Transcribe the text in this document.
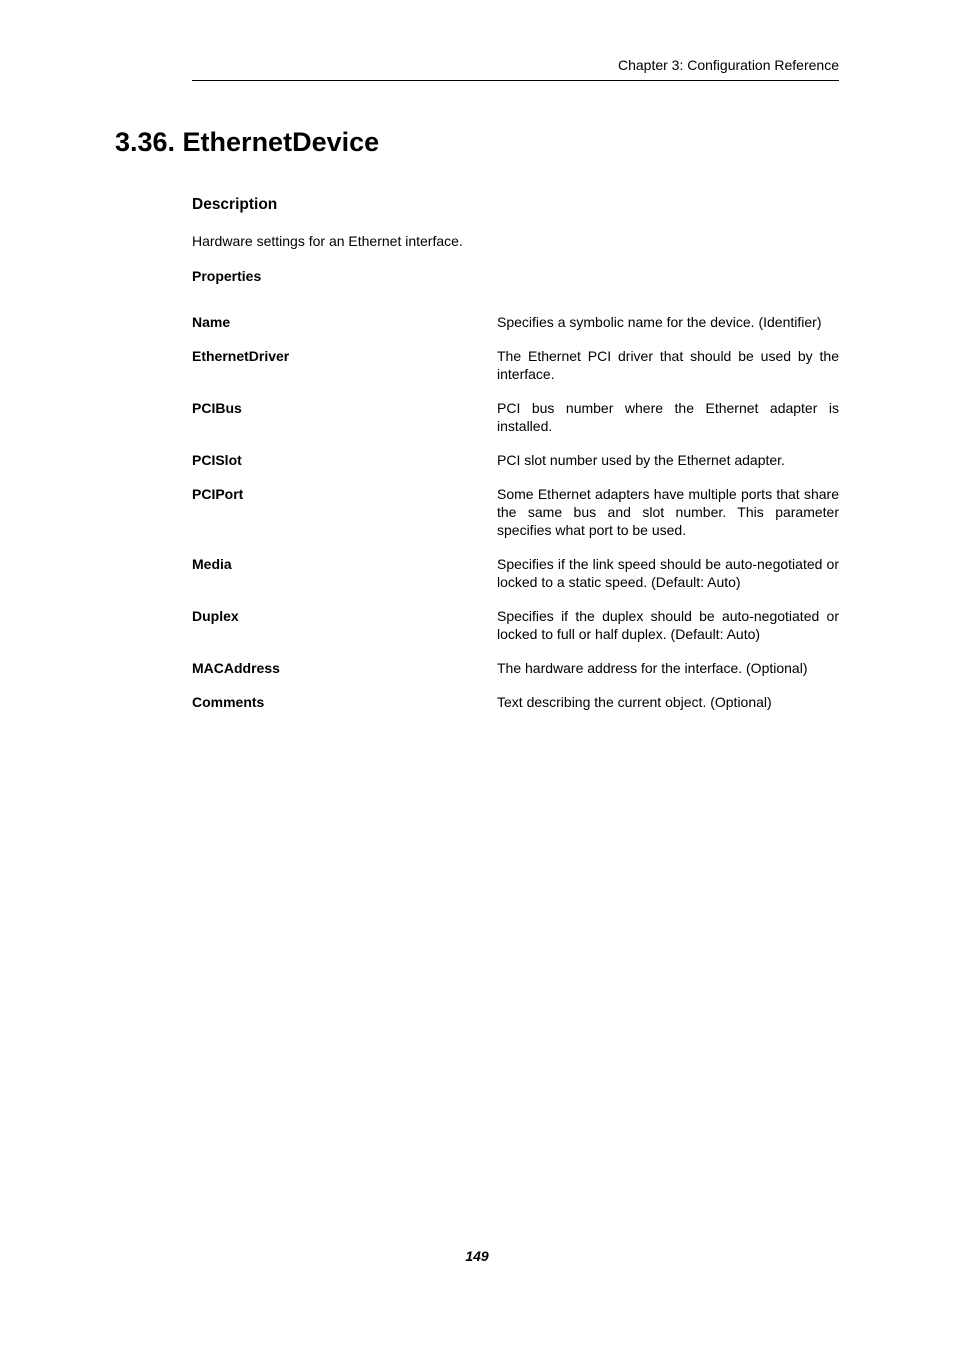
Chapter 3: Configuration Reference
3.36. EthernetDevice
Description
Hardware settings for an Ethernet interface.
Properties
Name	Specifies a symbolic name for the device. (Identifier)
EthernetDriver	The Ethernet PCI driver that should be used by the interface.
PCIBus	PCI bus number where the Ethernet adapter is installed.
PCISlot	PCI slot number used by the Ethernet adapter.
PCIPort	Some Ethernet adapters have multiple ports that share the same bus and slot number. This parameter specifies what port to be used.
Media	Specifies if the link speed should be auto-negotiated or locked to a static speed. (Default: Auto)
Duplex	Specifies if the duplex should be auto-negotiated or locked to full or half duplex. (Default: Auto)
MACAddress	The hardware address for the interface. (Optional)
Comments	Text describing the current object. (Optional)
149
